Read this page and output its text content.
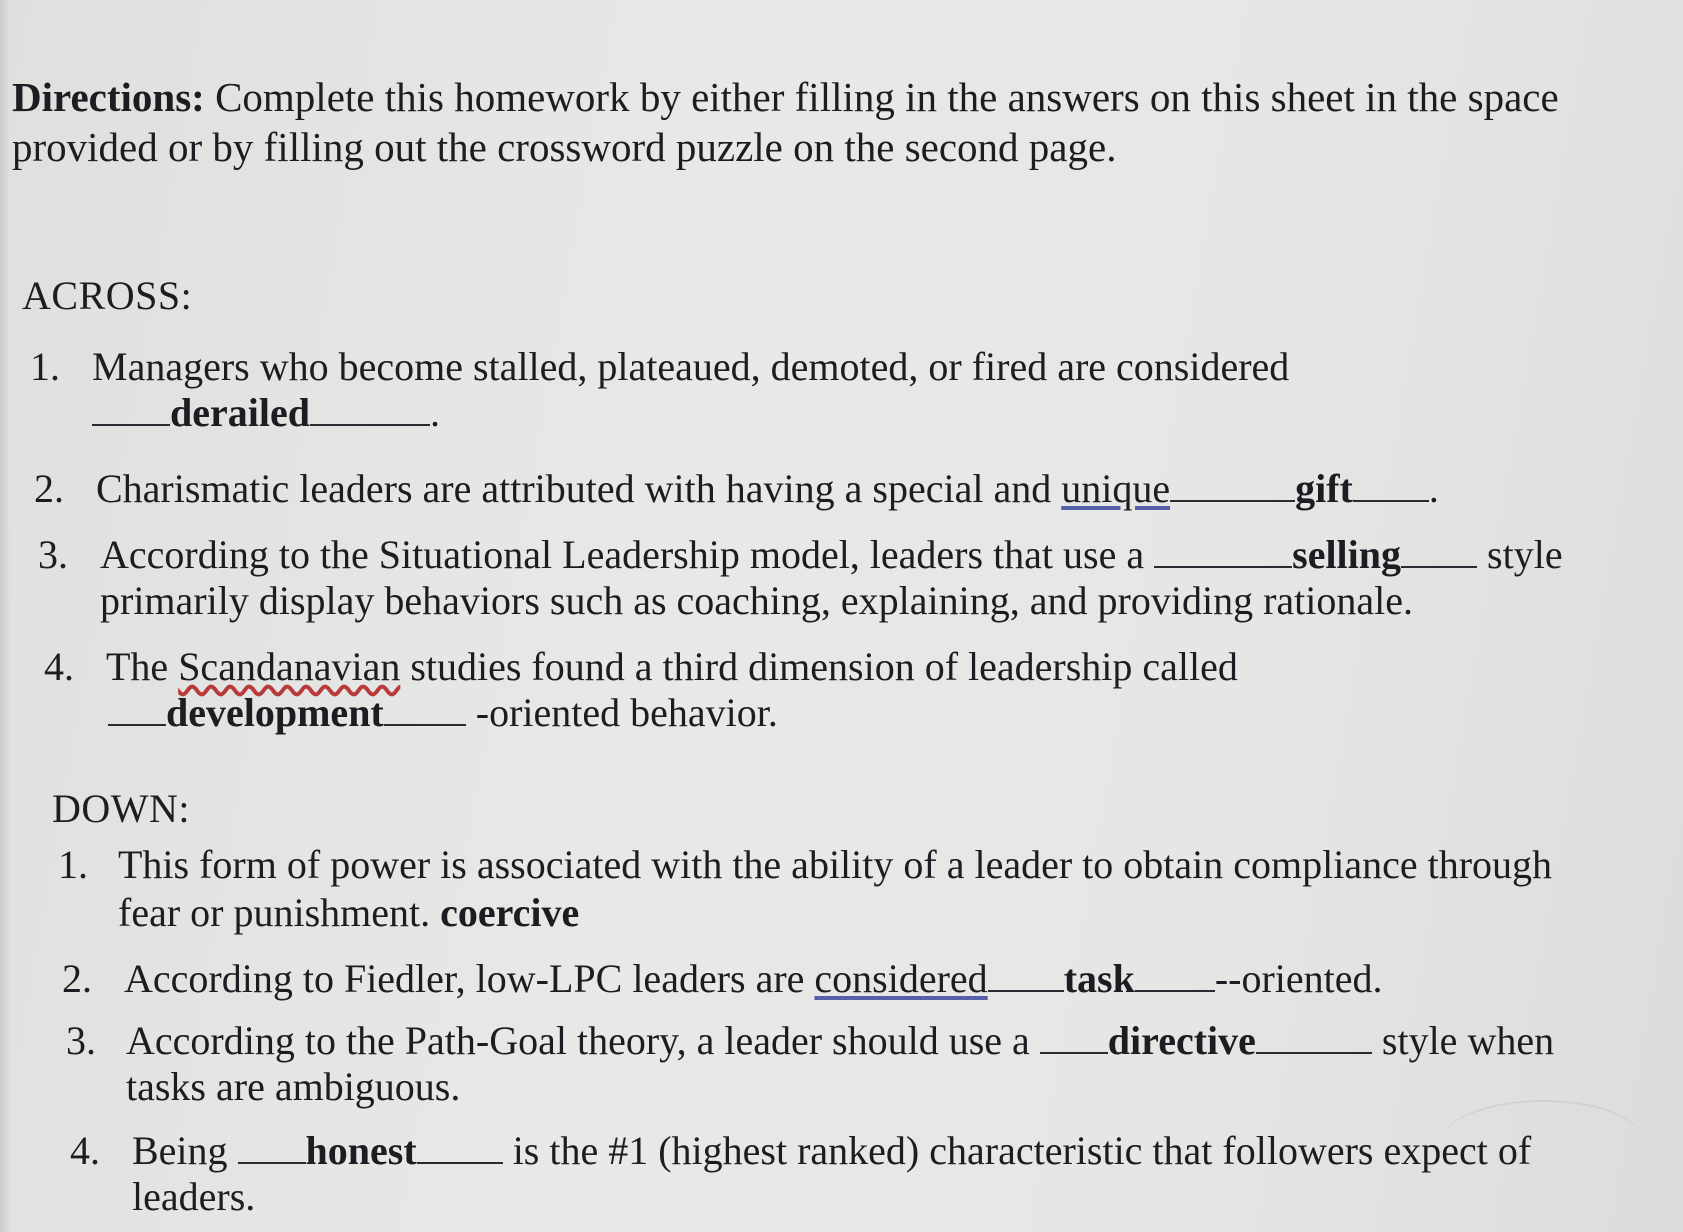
Directions: Complete this homework by either filling in the answers on this sheet in the space
provided or by filling out the crossword puzzle on the second page.
ACROSS:
1. Managers who become stalled, plateaued, demoted, or fired are considered
derailed	.
2. Charismatic leaders are attributed with having a special and unique	gift .
3. According to the Situational Leadership model, leaders that use a	selling style
primarily display behaviors such as coaching, explaining, and providing rationale.
4. The Scandanavian studies found a third dimension of leadership called
development -oriented behavior.
DOWN:
1. This form of power is associated with the ability of a leader to obtain compliance through
fear or punishment. coercive
2. According to Fiedler, low-LPC leaders are considered task --oriented.
3. According to the Path-Goal theory, a leader should use a directive	style when
tasks are ambiguous.
4. Being honest is the #1 (highest ranked) characteristic that followers expect of
leaders.
